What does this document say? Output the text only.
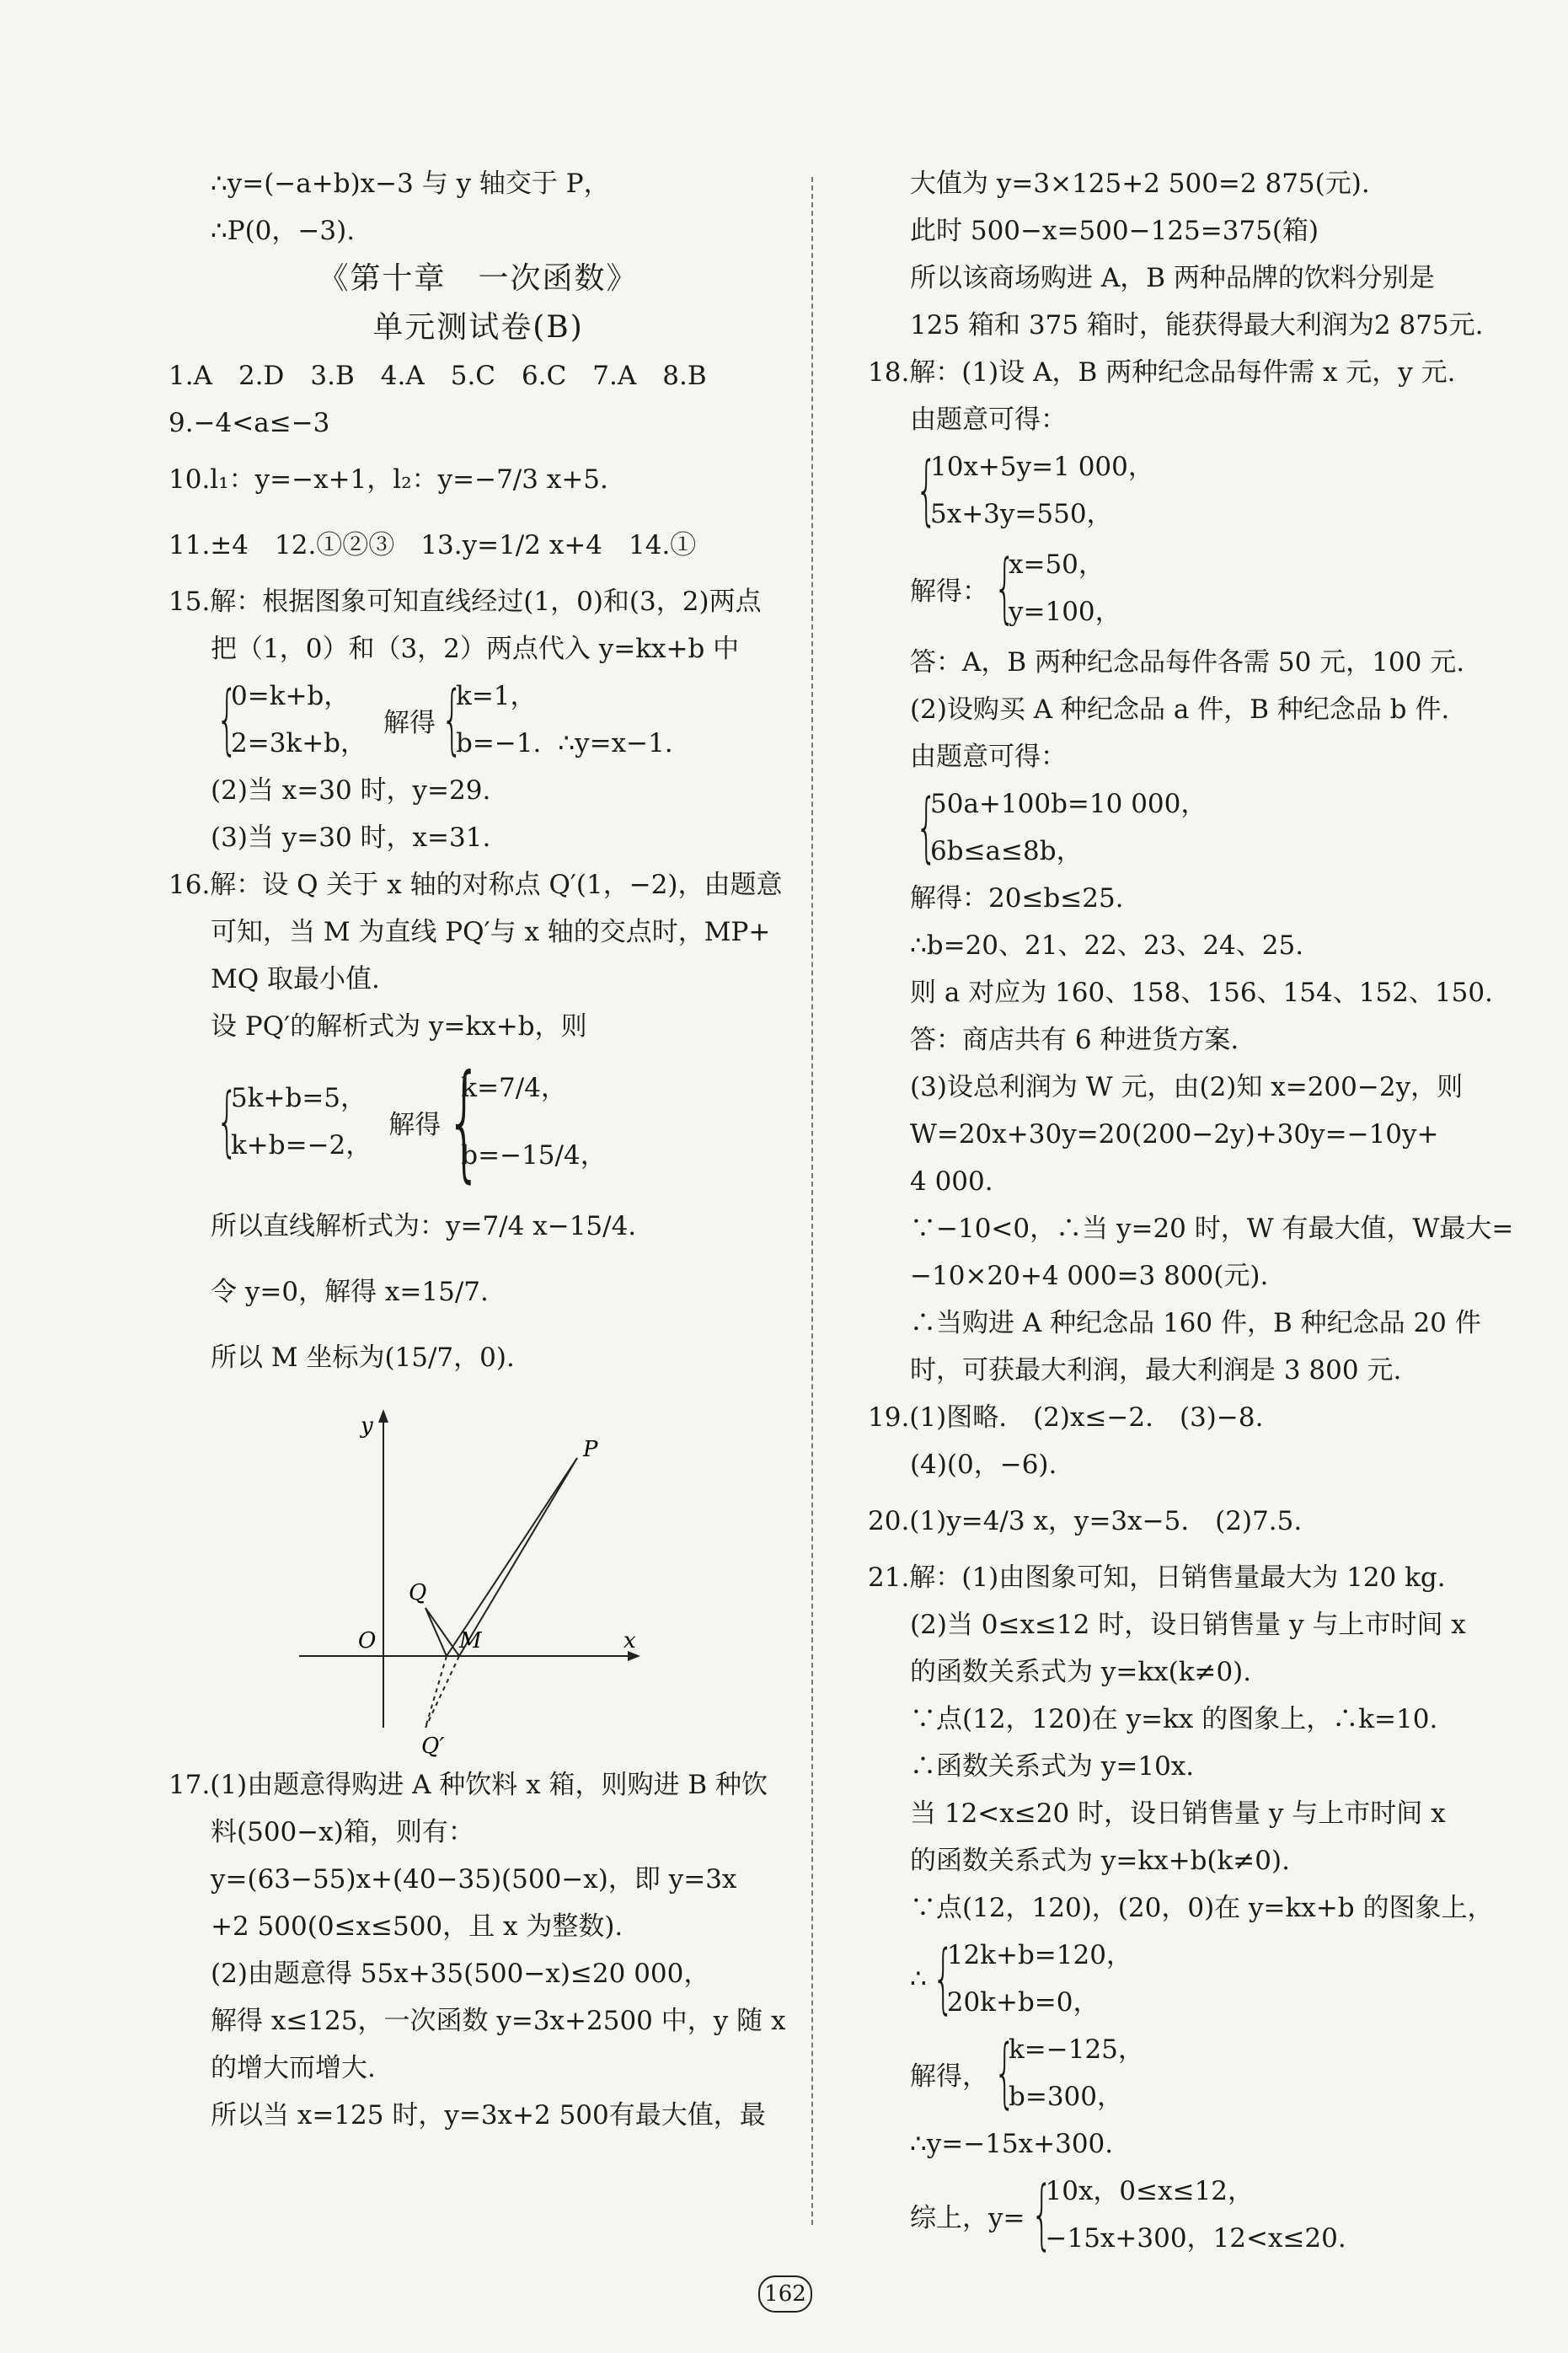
∴y=(−a+b)x−3 与 y 轴交于 P，
∴P(0，−3).
《第十章　一次函数》
单元测试卷(B)
1.A　2.D　3.B　4.A　5.C　6.C　7.A　8.B
9.−4<a≤−3
10.l₁：y=−x+1，l₂：y=−7/3 x+5.
11.±4　12.①②③　13.y=1/2 x+4　14.①
15.解：根据图象可知直线经过(1，0)和(3，2)两点
把（1，0）和（3，2）两点代入 y=kx+b 中
{
0=k+b，
2=3k+b，
解得 {
k=1，
b=−1. ∴y=x−1.
(2)当 x=30 时，y=29.
(3)当 y=30 时，x=31.
16.解：设 Q 关于 x 轴的对称点 Q′(1，−2)，由题意
可知，当 M 为直线 PQ′与 x 轴的交点时，MP+
MQ 取最小值.
设 PQ′的解析式为 y=kx+b，则
{
5k+b=5，
k+b=−2，
解得 {
k=7/4，
b=−15/4，
所以直线解析式为：y=7/4 x−15/4.
令 y=0，解得 x=15/7.
所以 M 坐标为(15/7，0).
y
x
O
P
Q
M
Q′
17.(1)由题意得购进 A 种饮料 x 箱，则购进 B 种饮
料(500−x)箱，则有：
y=(63−55)x+(40−35)(500−x)，即 y=3x
+2 500(0≤x≤500，且 x 为整数).
(2)由题意得 55x+35(500−x)≤20 000，
解得 x≤125，一次函数 y=3x+2500 中，y 随 x
的增大而增大.
所以当 x=125 时，y=3x+2 500有最大值，最
大值为 y=3×125+2 500=2 875(元).
此时 500−x=500−125=375(箱)
所以该商场购进 A，B 两种品牌的饮料分别是
125 箱和 375 箱时，能获得最大利润为2 875元.
18.解：(1)设 A，B 两种纪念品每件需 x 元，y 元.
由题意可得：
{
10x+5y=1 000，
5x+3y=550，
解得： {
x=50，
y=100，
答：A，B 两种纪念品每件各需 50 元，100 元.
(2)设购买 A 种纪念品 a 件，B 种纪念品 b 件.
由题意可得：
{
50a+100b=10 000，
6b≤a≤8b，
解得：20≤b≤25.
∴b=20、21、22、23、24、25.
则 a 对应为 160、158、156、154、152、150.
答：商店共有 6 种进货方案.
(3)设总利润为 W 元，由(2)知 x=200−2y，则
W=20x+30y=20(200−2y)+30y=−10y+
4 000.
∵−10<0，∴当 y=20 时，W 有最大值，W最大=
−10×20+4 000=3 800(元).
∴当购进 A 种纪念品 160 件，B 种纪念品 20 件
时，可获最大利润，最大利润是 3 800 元.
19.(1)图略.　(2)x≤−2.　(3)−8.
(4)(0，−6).
20.(1)y=4/3 x，y=3x−5.　(2)7.5.
21.解：(1)由图象可知，日销售量最大为 120 kg.
(2)当 0≤x≤12 时，设日销售量 y 与上市时间 x
的函数关系式为 y=kx(k≠0).
∵点(12，120)在 y=kx 的图象上，∴k=10.
∴函数关系式为 y=10x.
当 12<x≤20 时，设日销售量 y 与上市时间 x
的函数关系式为 y=kx+b(k≠0).
∵点(12，120)，(20，0)在 y=kx+b 的图象上，
∴ {
12k+b=120，
20k+b=0，
解得， {
k=−125，
b=300，
∴y=−15x+300.
综上，y= {
10x，0≤x≤12，
−15x+300，12<x≤20.
162
